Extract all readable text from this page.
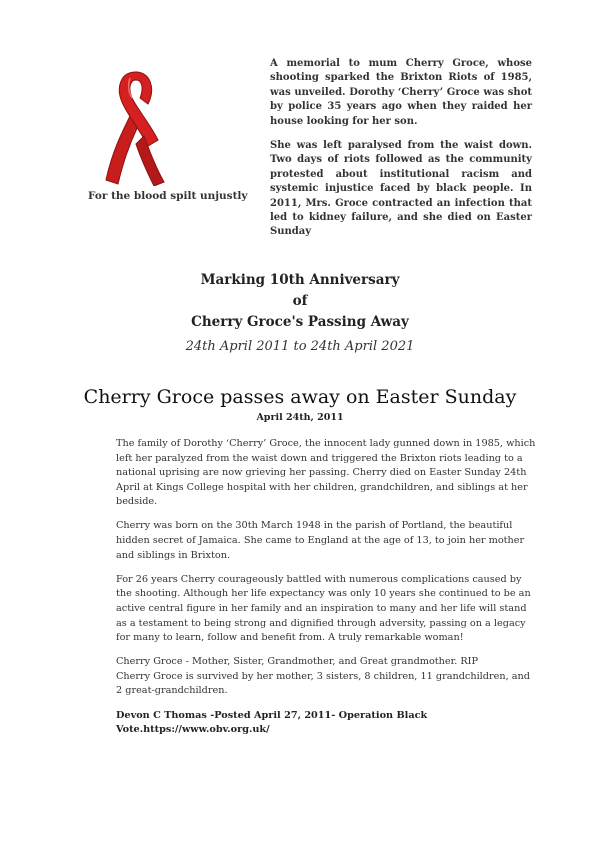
For the blood spilt unjustly

A memorial to mum Cherry Groce, whose shooting sparked the Brixton Riots of 1985, was unveiled. Dorothy ‘Cherry’ Groce was shot by police 35 years ago when they raided her house looking for her son.

She was left paralysed from the waist down. Two days of riots followed as the community protested about institutional racism and systemic injustice faced by black people. In 2011, Mrs. Groce contracted an infection that led to kidney failure, and she died on Easter Sunday

Marking 10th Anniversary
of
Cherry Groce's Passing Away
24th April 2011 to 24th April 2021
Cherry Groce passes away on Easter Sunday
April 24th, 2011

The family of Dorothy ‘Cherry’ Groce, the innocent lady gunned down in 1985, which left her paralyzed from the waist down and triggered the Brixton riots leading to a national uprising are now grieving her passing. Cherry died on Easter Sunday 24th April at Kings College hospital with her children, grandchildren, and siblings at her bedside.

Cherry was born on the 30th March 1948 in the parish of Portland, the beautiful hidden secret of Jamaica. She came to England at the age of 13, to join her mother and siblings in Brixton.

For 26 years Cherry courageously battled with numerous complications caused by the shooting. Although her life expectancy was only 10 years she continued to be an active central figure in her family and an inspiration to many and her life will stand as a testament to being strong and dignified through adversity, passing on a legacy for many to learn, follow and benefit from. A truly remarkable woman!

Cherry Groce - Mother, Sister, Grandmother, and Great grandmother. RIP
Cherry Groce is survived by her mother, 3 sisters, 8 children, 11 grandchildren, and 2 great-grandchildren.

Devon C Thomas -Posted April 27, 2011- Operation Black Vote.https://www.obv.org.uk/
